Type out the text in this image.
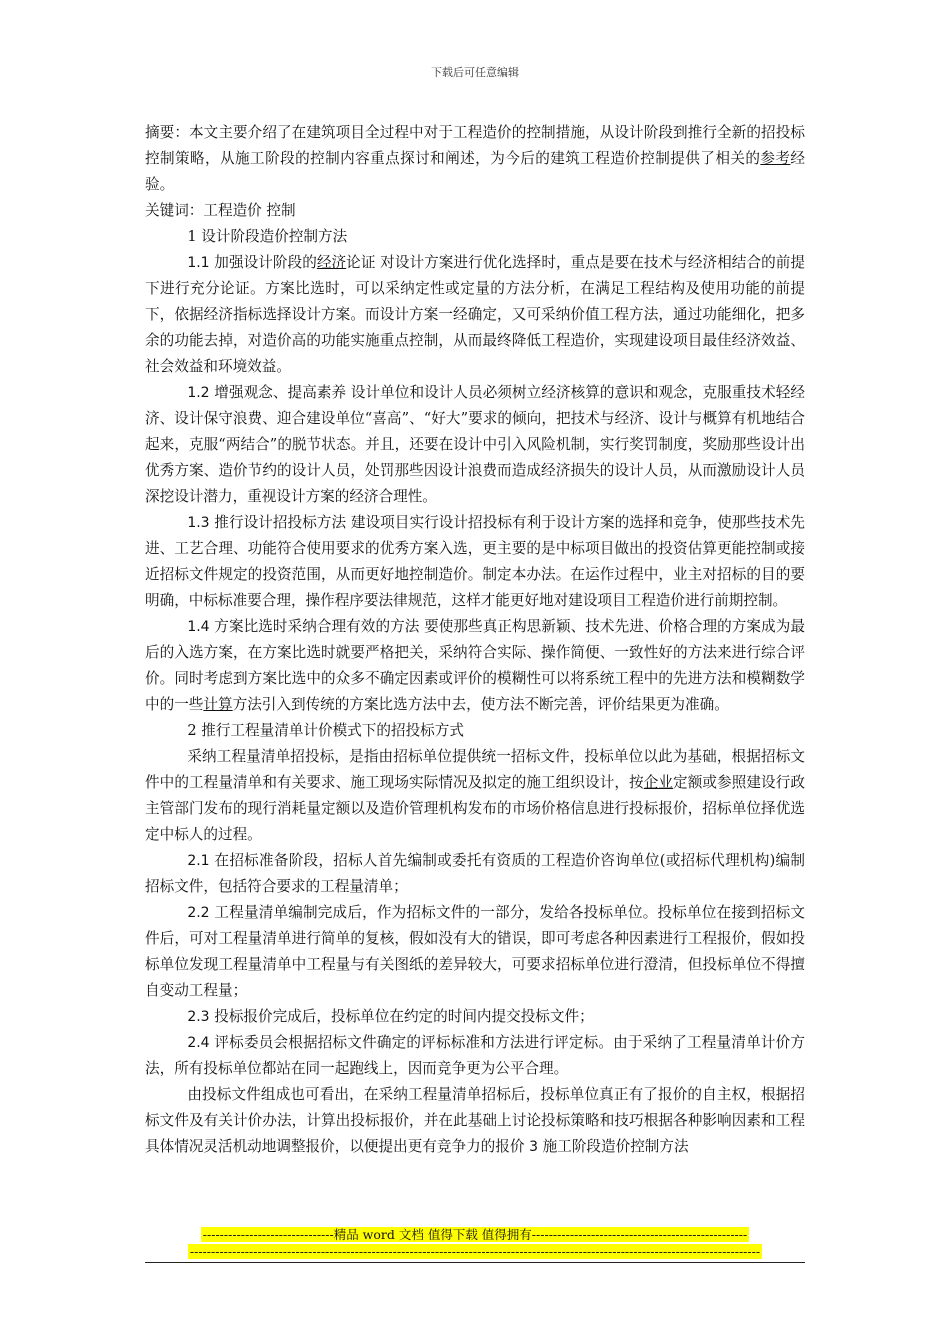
下载后可任意编辑

摘要：本文主要介绍了在建筑项目全过程中对于工程造价的控制措施，从设计阶段到推行全新的招投标控制策略，从施工阶段的控制内容重点探讨和阐述，为今后的建筑工程造价控制提供了相关的参考经验。

关键词：工程造价 控制

1 设计阶段造价控制方法

1.1 加强设计阶段的经济论证 对设计方案进行优化选择时，重点是要在技术与经济相结合的前提下进行充分论证。方案比选时，可以采纳定性或定量的方法分析，在满足工程结构及使用功能的前提下，依据经济指标选择设计方案。而设计方案一经确定，又可采纳价值工程方法，通过功能细化，把多余的功能去掉，对造价高的功能实施重点控制，从而最终降低工程造价，实现建设项目最佳经济效益、社会效益和环境效益。

1.2 增强观念、提高素养 设计单位和设计人员必须树立经济核算的意识和观念，克服重技术轻经济、设计保守浪费、迎合建设单位“喜高”、“好大”要求的倾向，把技术与经济、设计与概算有机地结合起来，克服“两结合”的脱节状态。并且，还要在设计中引入风险机制，实行奖罚制度，奖励那些设计出优秀方案、造价节约的设计人员，处罚那些因设计浪费而造成经济损失的设计人员，从而激励设计人员深挖设计潜力，重视设计方案的经济合理性。

1.3 推行设计招投标方法 建设项目实行设计招投标有利于设计方案的选择和竞争，使那些技术先进、工艺合理、功能符合使用要求的优秀方案入选，更主要的是中标项目做出的投资估算更能控制或接近招标文件规定的投资范围，从而更好地控制造价。制定本办法。在运作过程中，业主对招标的目的要明确，中标标准要合理，操作程序要法律规范，这样才能更好地对建设项目工程造价进行前期控制。

1.4 方案比选时采纳合理有效的方法 要使那些真正构思新颖、技术先进、价格合理的方案成为最后的入选方案，在方案比选时就要严格把关，采纳符合实际、操作简便、一致性好的方法来进行综合评价。同时考虑到方案比选中的众多不确定因素或评价的模糊性可以将系统工程中的先进方法和模糊数学中的一些计算方法引入到传统的方案比选方法中去，使方法不断完善，评价结果更为准确。

2 推行工程量清单计价模式下的招投标方式

采纳工程量清单招投标，是指由招标单位提供统一招标文件，投标单位以此为基础，根据招标文件中的工程量清单和有关要求、施工现场实际情况及拟定的施工组织设计，按企业定额或参照建设行政主管部门发布的现行消耗量定额以及造价管理机构发布的市场价格信息进行投标报价，招标单位择优选定中标人的过程。

2.1 在招标准备阶段，招标人首先编制或委托有资质的工程造价咨询单位(或招标代理机构)编制招标文件，包括符合要求的工程量清单；

2.2 工程量清单编制完成后，作为招标文件的一部分，发给各投标单位。投标单位在接到招标文件后，可对工程量清单进行简单的复核，假如没有大的错误，即可考虑各种因素进行工程报价，假如投标单位发现工程量清单中工程量与有关图纸的差异较大，可要求招标单位进行澄清，但投标单位不得擅自变动工程量；

2.3 投标报价完成后，投标单位在约定的时间内提交投标文件；

2.4 评标委员会根据招标文件确定的评标标准和方法进行评定标。由于采纳了工程量清单计价方法，所有投标单位都站在同一起跑线上，因而竞争更为公平合理。

由投标文件组成也可看出，在采纳工程量清单招标后，投标单位真正有了报价的自主权，根据招标文件及有关计价办法，计算出投标报价，并在此基础上讨论投标策略和技巧根据各种影响因素和工程具体情况灵活机动地调整报价，以便提出更有竞争力的报价 3 施工阶段造价控制方法

-------------------------------精品 word 文档 值得下载 值得拥有---------------------------------------------------
---------------------------------------------------------------------------------------------------------------------------------------
